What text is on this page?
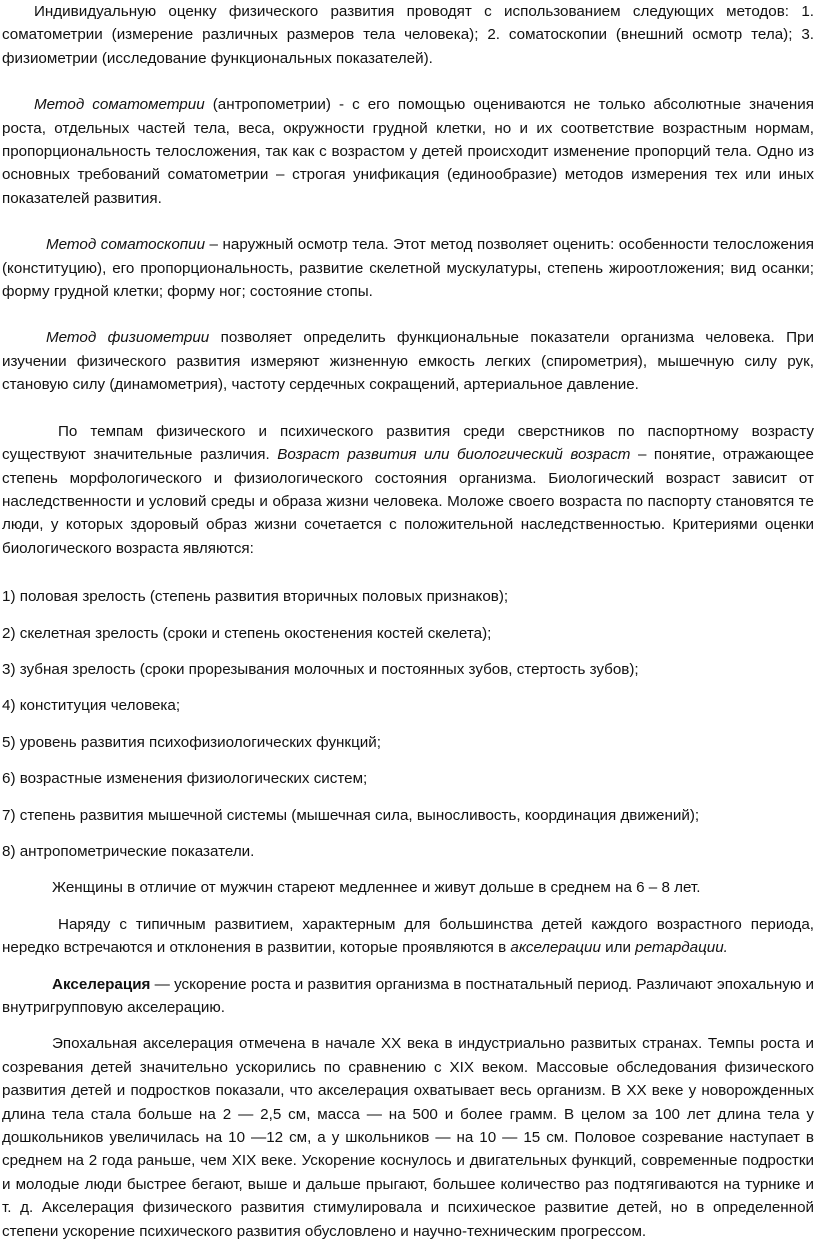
Индивидуальную оценку физического развития проводят с использованием следующих методов: 1. соматометрии (измерение различных размеров тела человека); 2. соматоскопии (внешний осмотр тела); 3. физиометрии (исследование функциональных показателей).

Метод соматометрии (антропометрии) - с его помощью оцениваются не только абсолютные значения роста, отдельных частей тела, веса, окружности грудной клетки, но и их соответствие возрастным нормам, пропорциональность телосложения, так как с возрастом у детей происходит изменение пропорций тела. Одно из основных требований соматометрии – строгая унификация (единообразие) методов измерения тех или иных показателей развития.

Метод соматоскопии – наружный осмотр тела. Этот метод позволяет оценить: особенности телосложения (конституцию), его пропорциональность, развитие скелетной мускулатуры, степень жироотложения; вид осанки; форму грудной клетки; форму ног; состояние стопы.

Метод физиометрии позволяет определить функциональные показатели организма человека. При изучении физического развития измеряют жизненную емкость легких (спирометрия), мышечную силу рук, становую силу (динамометрия), частоту сердечных сокращений, артериальное давление.

По темпам физического и психического развития среди сверстников по паспортному возрасту существуют значительные различия. Возраст развития или биологический возраст – понятие, отражающее степень морфологического и физиологического состояния организма. Биологический возраст зависит от наследственности и условий среды и образа жизни человека. Моложе своего возраста по паспорту становятся те люди, у которых здоровый образ жизни сочетается с положительной наследственностью. Критериями оценки биологического возраста являются:

1) половая зрелость (степень развития вторичных половых признаков);

2) скелетная зрелость (сроки и степень окостенения костей скелета);

3) зубная зрелость (сроки прорезывания молочных и постоянных зубов, стертость зубов);

4) конституция человека;

5) уровень развития психофизиологических функций;

6) возрастные изменения физиологических систем;

7) степень развития мышечной системы (мышечная сила, выносливость, координация движений);

8) антропометрические показатели.

Женщины в отличие от мужчин стареют медленнее и живут дольше в среднем на 6 – 8 лет.

Наряду с типичным развитием, характерным для большинства детей каждого возрастного периода, нередко встречаются и отклонения в развитии, которые проявляются в акселерации или ретардации.

Акселерация — ускорение роста и развития организма в постнатальный период. Различают эпохальную и внутригрупповую акселерацию.

Эпохальная акселерация отмечена в начале XX века в индустриально развитых странах. Темпы роста и созревания детей значительно ускорились по сравнению с XIX веком. Массовые обследования физического развития детей и подростков показали, что акселерация охватывает весь организм. В XX веке у новорожденных длина тела стала больше на 2 — 2,5 см, масса — на 500 и более грамм. В целом за 100 лет длина тела у дошкольников увеличилась на 10 —12 см, а у школьников — на 10 — 15 см. Половое созревание наступает в среднем на 2 года раньше, чем XIX веке. Ускорение коснулось и двигательных функций, современные подростки и молодые люди быстрее бегают, выше и дальше прыгают, большее количество раз подтягиваются на турнике и т. д. Акселерация физического развития стимулировала и психическое развитие детей, но в определенной степени ускорение психического развития обусловлено и научно-техническим прогрессом.
